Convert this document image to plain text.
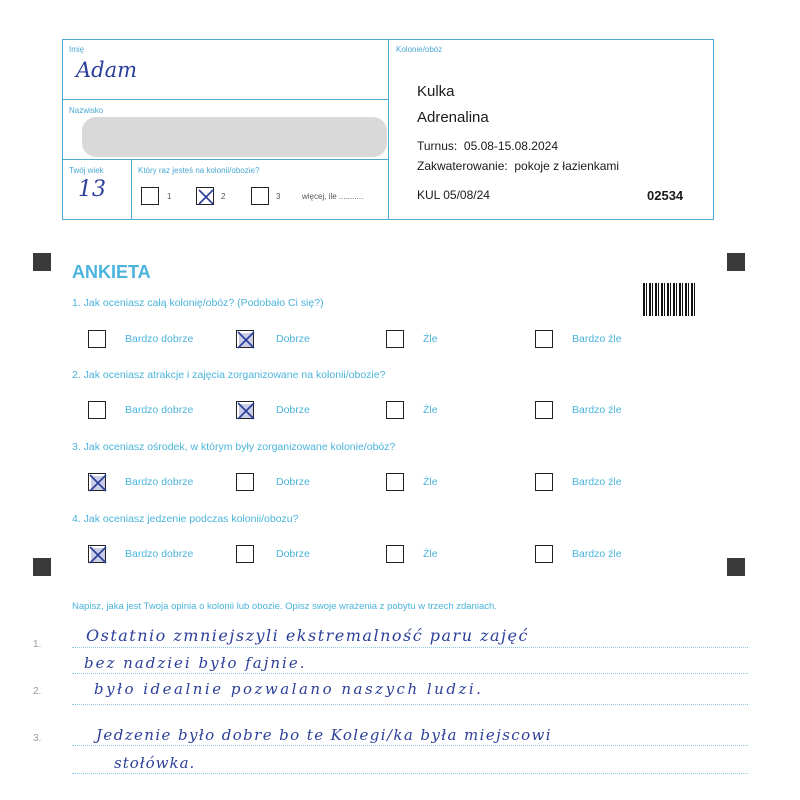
Imię
Adam
Nazwisko
Twój wiek
13
Który raz jesteś na kolonii/obozie?
1	2	3	więcej, ile ...........
Kolonie/obóz
Kulka
Adrenalina
Turnus:  05.08-15.08.2024
Zakwaterowanie:  pokoje z łazienkami
KUL 05/08/24	02534
ANKIETA
1. Jak oceniasz całą kolonię/obóz? (Podobało Ci się?)
Bardzo dobrze	Dobrze	Źle	Bardzo źle
2. Jak oceniasz atrakcje i zajęcia zorganizowane na kolonii/obozie?
Bardzo dobrze	Dobrze	Źle	Bardzo źle
3. Jak oceniasz ośrodek, w którym były zorganizowane kolonie/obóz?
Bardzo dobrze	Dobrze	Źle	Bardzo źle
4. Jak oceniasz jedzenie podczas kolonii/obozu?
Bardzo dobrze	Dobrze	Źle	Bardzo źle
Napisz, jaka jest Twoja opinia o kolonii lub obozie. Opisz swoje wrażenia z pobytu w trzech zdaniach.
1.
2.
3.
Ostatnio zmniejszyli ekstremalność paru zajęć
bez nadziei było fajnie.
było idealnie pozwalano naszych ludzi.
Jedzenie było dobre bo te Kolegi/ka była miejscowi
stołówka.
